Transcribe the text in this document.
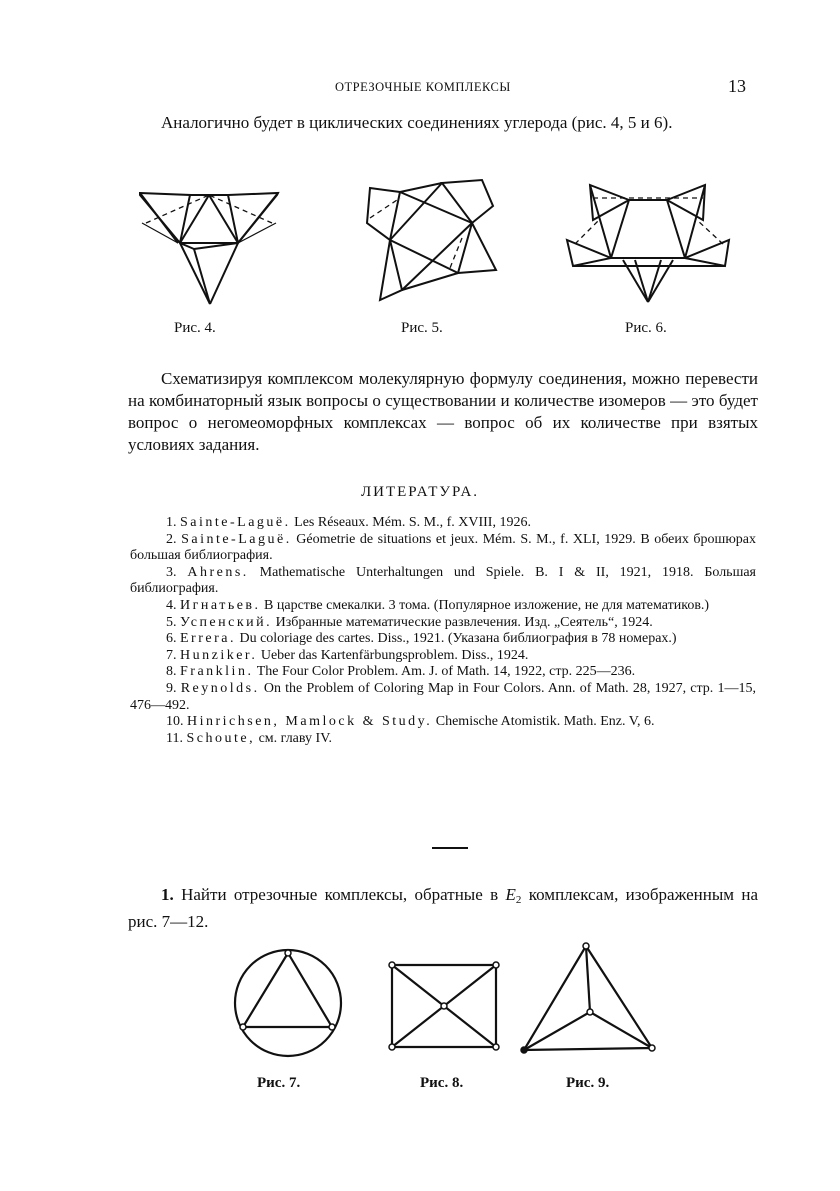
ОТРЕЗОЧНЫЕ КОМПЛЕКСЫ	13
Аналогично будет в циклических соединениях углерода (рис. 4, 5 и 6).
Рис. 4.	Рис. 5.	Рис. 6.
Схематизируя комплексом молекулярную формулу соединения, можно перевести на комбинаторный язык вопросы о существовании и количестве изомеров — это будет вопрос о негомеоморфных комплексах — вопрос об их количестве при взятых условиях задания.
ЛИТЕРАТУРА.
1. Sainte-Laguë. Les Réseaux. Mém. S. M., f. XVIII, 1926.
2. Sainte-Laguë. Géometrie de situations et jeux. Mém. S. M., f. XLI, 1929. В обеих брошюрах большая библиография.
3. Ahrens. Mathematische Unterhaltungen und Spiele. B. I & II, 1921, 1918. Большая библиография.
4. Игнатьев. В царстве смекалки. 3 тома. (Популярное изложение, не для математиков.)
5. Успенский. Избранные математические развлечения. Изд. „Сеятель“, 1924.
6. Errera. Du coloriage des cartes. Diss., 1921. (Указана библиография в 78 номерах.)
7. Hunziker. Ueber das Kartenfärbungsproblem. Diss., 1924.
8. Franklin. The Four Color Problem. Am. J. of Math. 14, 1922, стр. 225—236.
9. Reynolds. On the Problem of Coloring Map in Four Colors. Ann. of Math. 28, 1927, стр. 1—15, 476—492.
10. Hinrichsen, Mamlock & Study. Chemische Atomistik. Math. Enz. V, 6.
11. Schoute, см. главу IV.
1. Найти отрезочные комплексы, обратные в $E_2$ комплексам, изображенным на рис. 7—12.
Рис. 7.	Рис. 8.	Рис. 9.
